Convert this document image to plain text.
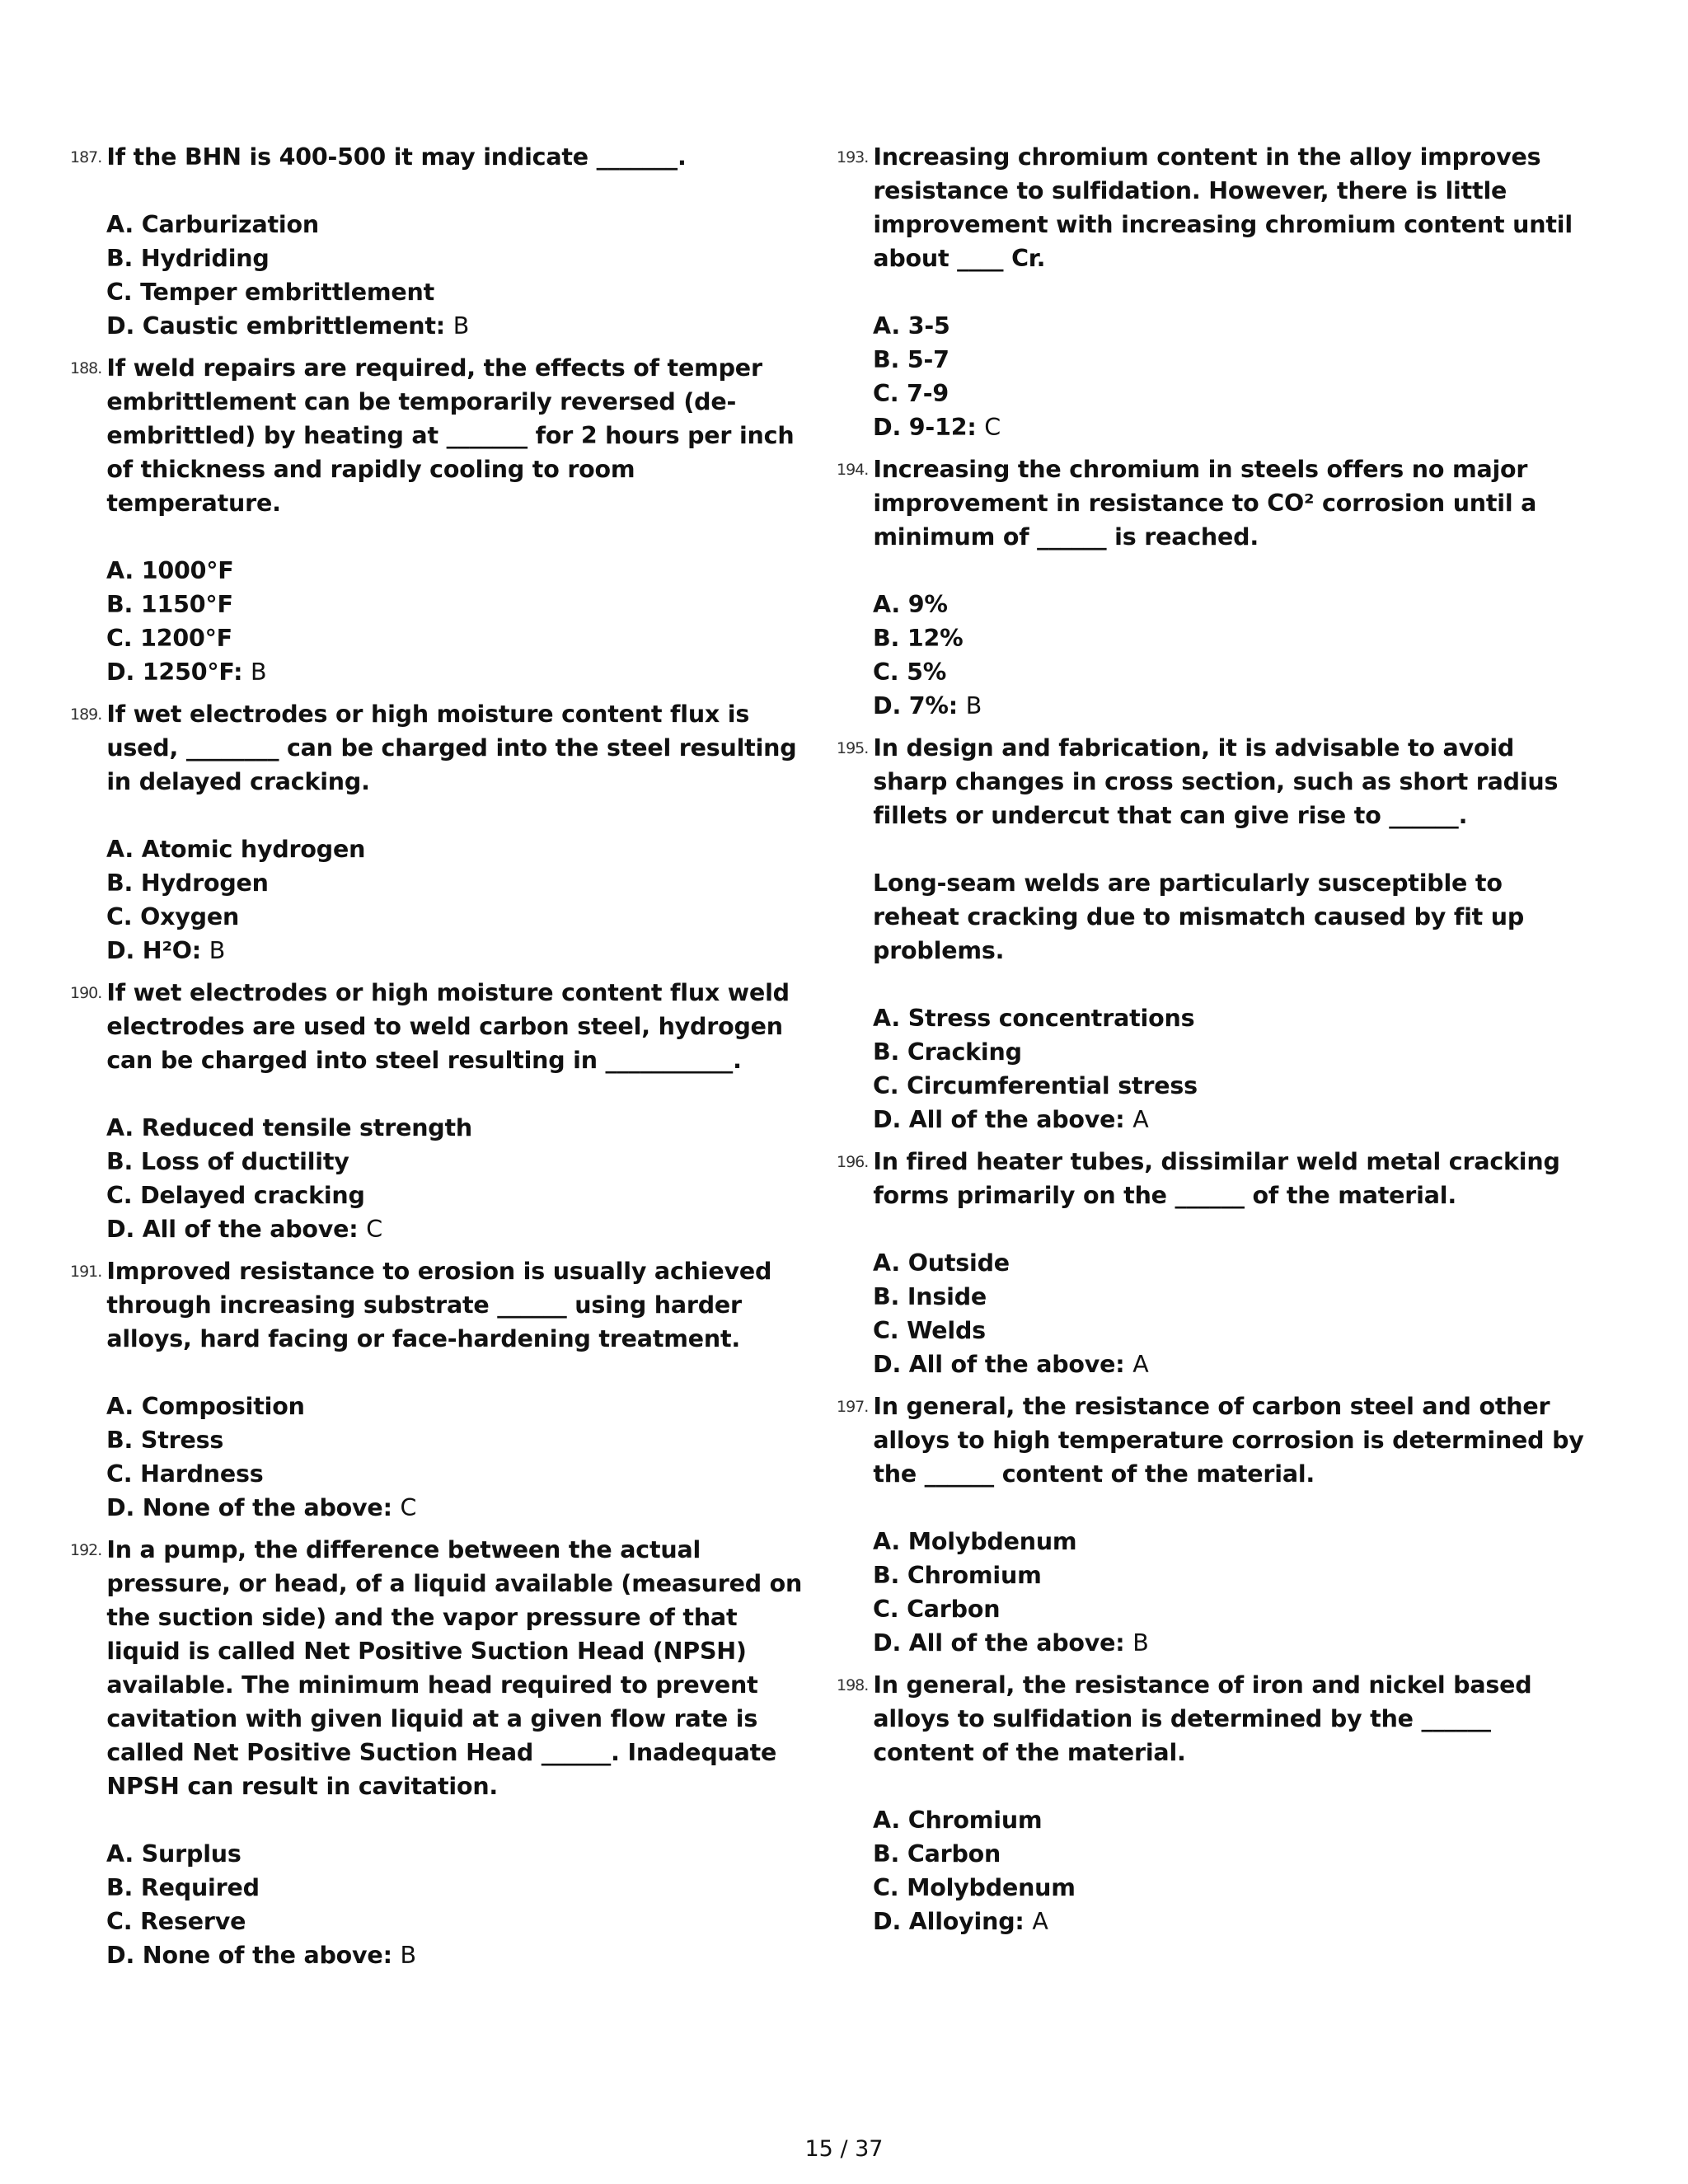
187. If the BHN is 400-500 it may indicate _______.
A. Carburization
B. Hydriding
C. Temper embrittlement
D. Caustic embrittlement: B
188. If weld repairs are required, the effects of temper embrittlement can be temporarily reversed (de-embrittled) by heating at _______ for 2 hours per inch of thickness and rapidly cooling to room temperature.
A. 1000°F
B. 1150°F
C. 1200°F
D. 1250°F: B
189. If wet electrodes or high moisture content flux is used, ________ can be charged into the steel resulting in delayed cracking.
A. Atomic hydrogen
B. Hydrogen
C. Oxygen
D. H²O: B
190. If wet electrodes or high moisture content flux weld electrodes are used to weld carbon steel, hydrogen can be charged into steel resulting in ___________.
A. Reduced tensile strength
B. Loss of ductility
C. Delayed cracking
D. All of the above: C
191. Improved resistance to erosion is usually achieved through increasing substrate ______ using harder alloys, hard facing or face-hardening treatment.
A. Composition
B. Stress
C. Hardness
D. None of the above: C
192. In a pump, the difference between the actual pressure, or head, of a liquid available (measured on the suction side) and the vapor pressure of that liquid is called Net Positive Suction Head (NPSH) available. The minimum head required to prevent cavitation with given liquid at a given flow rate is called Net Positive Suction Head ______. Inadequate NPSH can result in cavitation.
A. Surplus
B. Required
C. Reserve
D. None of the above: B
193. Increasing chromium content in the alloy improves resistance to sulfidation. However, there is little improvement with increasing chromium content until about ____ Cr.
A. 3-5
B. 5-7
C. 7-9
D. 9-12: C
194. Increasing the chromium in steels offers no major improvement in resistance to CO² corrosion until a minimum of ______ is reached.
A. 9%
B. 12%
C. 5%
D. 7%: B
195. In design and fabrication, it is advisable to avoid sharp changes in cross section, such as short radius fillets or undercut that can give rise to ______.
Long-seam welds are particularly susceptible to reheat cracking due to mismatch caused by fit up problems.
A. Stress concentrations
B. Cracking
C. Circumferential stress
D. All of the above: A
196. In fired heater tubes, dissimilar weld metal cracking forms primarily on the ______ of the material.
A. Outside
B. Inside
C. Welds
D. All of the above: A
197. In general, the resistance of carbon steel and other alloys to high temperature corrosion is determined by the ______ content of the material.
A. Molybdenum
B. Chromium
C. Carbon
D. All of the above: B
198. In general, the resistance of iron and nickel based alloys to sulfidation is determined by the ______ content of the material.
A. Chromium
B. Carbon
C. Molybdenum
D. Alloying: A
15 / 37
